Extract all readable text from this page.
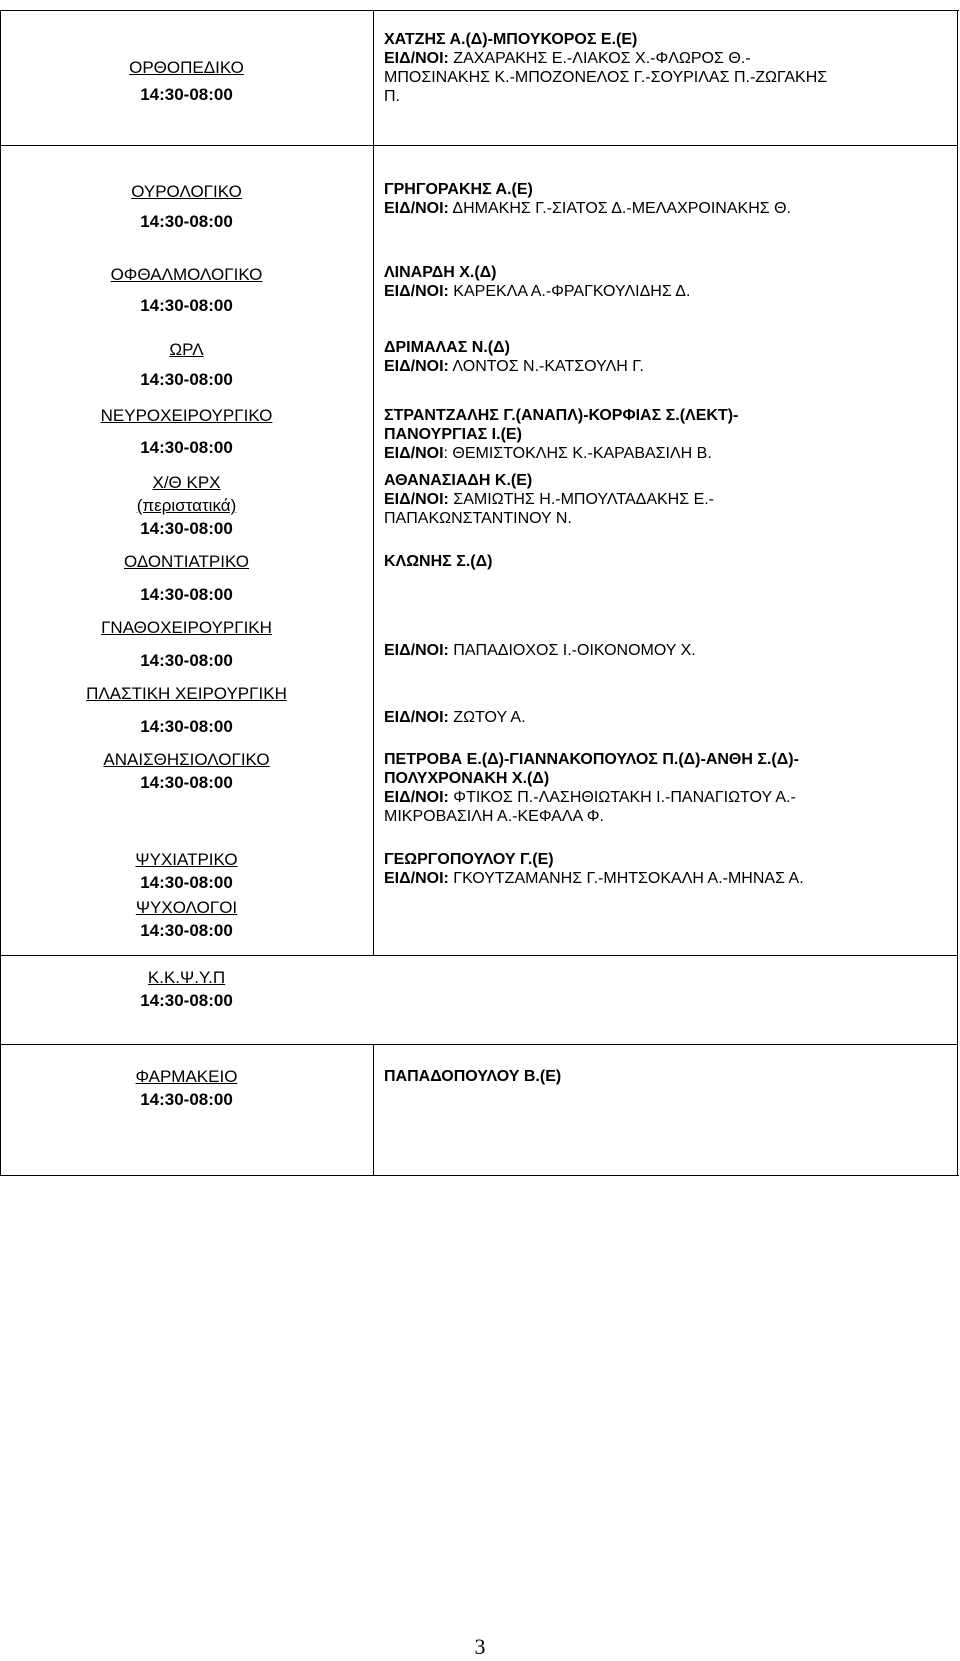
ΟΡΘΟΠΕΔΙΚΟ
14:30-08:00
ΧΑΤΖΗΣ Α.(Δ)-ΜΠΟΥΚΟΡΟΣ Ε.(Ε)
ΕΙΔ/ΝΟΙ: ΖΑΧΑΡΑΚΗΣ Ε.-ΛΙΑΚΟΣ Χ.-ΦΛΩΡΟΣ Θ.-
ΜΠΟΣΙΝΑΚΗΣ Κ.-ΜΠΟΖΟΝΕΛΟΣ Γ.-ΣΟΥΡΙΛΑΣ Π.-ΖΩΓΑΚΗΣ
Π.
ΟΥΡΟΛΟΓΙΚΟ
14:30-08:00
ΓΡΗΓΟΡΑΚΗΣ Α.(Ε)
ΕΙΔ/ΝΟΙ: ΔΗΜΑΚΗΣ Γ.-ΣΙΑΤΟΣ Δ.-ΜΕΛΑΧΡΟΙΝΑΚΗΣ Θ.
ΟΦΘΑΛΜΟΛΟΓΙΚΟ
14:30-08:00
ΛΙΝΑΡΔΗ Χ.(Δ)
ΕΙΔ/ΝΟΙ: ΚΑΡΕΚΛΑ Α.-ΦΡΑΓΚΟΥΛΙΔΗΣ Δ.
ΩΡΛ
14:30-08:00
ΔΡΙΜΑΛΑΣ Ν.(Δ)
ΕΙΔ/ΝΟΙ: ΛΟΝΤΟΣ Ν.-ΚΑΤΣΟΥΛΗ Γ.
ΝΕΥΡΟΧΕΙΡΟΥΡΓΙΚΟ
14:30-08:00
ΣΤΡΑΝΤΖΑΛΗΣ Γ.(ΑΝΑΠΛ)-ΚΟΡΦΙΑΣ Σ.(ΛΕΚΤ)-
ΠΑΝΟΥΡΓΙΑΣ Ι.(Ε)
ΕΙΔ/ΝΟΙ: ΘΕΜΙΣΤΟΚΛΗΣ Κ.-ΚΑΡΑΒΑΣΙΛΗ Β.
Χ/Θ ΚΡΧ
(περιστατικά)
14:30-08:00
ΑΘΑΝΑΣΙΑΔΗ Κ.(Ε)
ΕΙΔ/ΝΟΙ: ΣΑΜΙΩΤΗΣ Η.-ΜΠΟΥΛΤΑΔΑΚΗΣ Ε.-
ΠΑΠΑΚΩΝΣΤΑΝΤΙΝΟΥ Ν.
ΟΔΟΝΤΙΑΤΡΙΚΟ
14:30-08:00
ΚΛΩΝΗΣ Σ.(Δ)
ΓΝΑΘΟΧΕΙΡΟΥΡΓΙΚΗ
14:30-08:00
ΕΙΔ/ΝΟΙ: ΠΑΠΑΔΙΟΧΟΣ Ι.-ΟΙΚΟΝΟΜΟΥ Χ.
ΠΛΑΣΤΙΚΗ ΧΕΙΡΟΥΡΓΙΚΗ
14:30-08:00	ΕΙΔ/ΝΟΙ: ΖΩΤΟΥ Α.
ΑΝΑΙΣΘΗΣΙΟΛΟΓΙΚΟ
14:30-08:00
ΠΕΤΡΟΒΑ Ε.(Δ)-ΓΙΑΝΝΑΚΟΠΟΥΛΟΣ Π.(Δ)-ΑΝΘΗ Σ.(Δ)-
ΠΟΛΥΧΡΟΝΑΚΗ Χ.(Δ)
ΕΙΔ/ΝΟΙ: ΦΤΙΚΟΣ Π.-ΛΑΣΗΘΙΩΤΑΚΗ Ι.-ΠΑΝΑΓΙΩΤΟΥ Α.-
ΜΙΚΡΟΒΑΣΙΛΗ Α.-ΚΕΦΑΛΑ Φ.
ΨΥΧΙΑΤΡΙΚΟ
14:30-08:00
ΓΕΩΡΓΟΠΟΥΛΟΥ Γ.(Ε)
ΕΙΔ/ΝΟΙ: ΓΚΟΥΤΖΑΜΑΝΗΣ Γ.-ΜΗΤΣΟΚΑΛΗ Α.-ΜΗΝΑΣ Α.
ΨΥΧΟΛΟΓΟΙ
14:30-08:00
Κ.Κ.Ψ.Υ.Π
14:30-08:00
ΦΑΡΜΑΚΕΙΟ
14:30-08:00
ΠΑΠΑΔΟΠΟΥΛΟΥ Β.(Ε)
3
